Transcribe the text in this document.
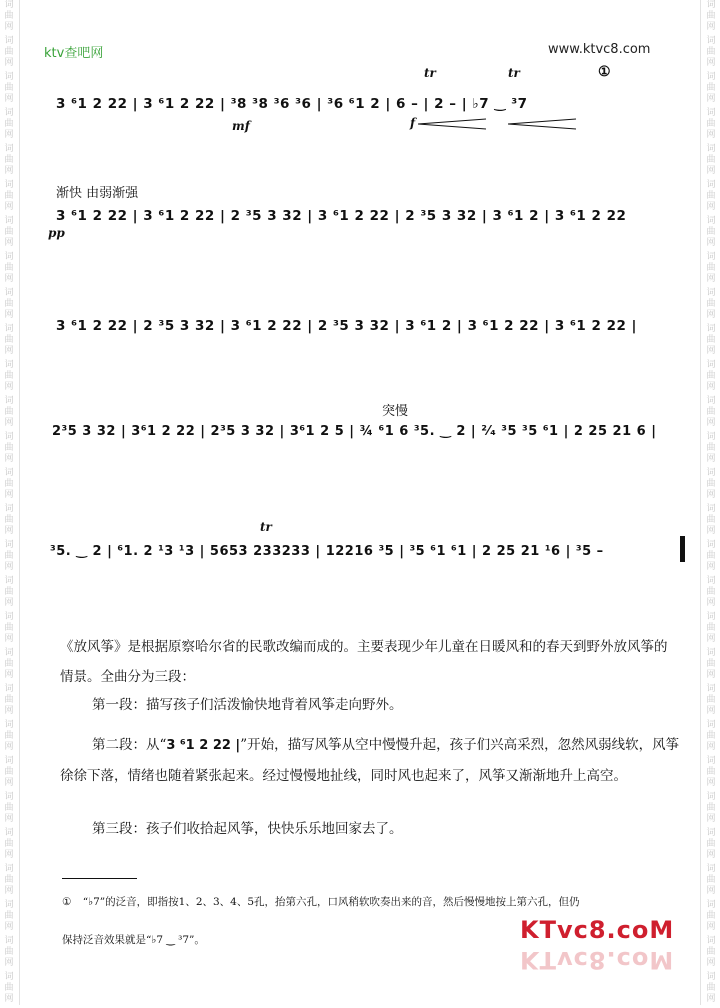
词
曲
网
词
曲
网
词
曲
网
词
曲
网
词
曲
网
词
曲
网
词
曲
网
词
曲
网
词
曲
网
词
曲
网
词
曲
网
词
曲
网
词
曲
网
词
曲
网
词
曲
网
词
曲
网
词
曲
网
词
曲
网
词
曲
网
词
曲
网
词
曲
网
词
曲
网
词
曲
网
词
曲
网
词
曲
网
词
曲
网
词
曲
网
词
曲
网
词
曲
网
词
曲
网
词
曲
网
词
曲
网
词
曲
网
词
曲
网
词
曲
网
词
曲
网
词
曲
网
词
曲
网
词
曲
网
词
曲
网
词
曲
网
词
曲
网
词
曲
网
词
曲
网
词
曲
网
词
曲
网
词
曲
网
词
曲
网
词
曲
网
词
曲
网
词
曲
网
词
曲
网
词
曲
网
词
曲
网
词
曲
网
词
曲
网
ktv查吧网	www.ktvc8.com
tr	tr	①
3 ⁶1 2 22 | 3 ⁶1 2 22 | ³8 ³8 ³6 ³6 | ³6 ⁶1 2 | 6 – | 2 – | ♭7 ‿ ³7
mf	f
渐快 由弱渐强
3 ⁶1 2 22 | 3 ⁶1 2 22 | 2 ³5 3 32 | 3 ⁶1 2 22 | 2 ³5 3 32 | 3 ⁶1 2 | 3 ⁶1 2 22
pp
3 ⁶1 2 22 | 2 ³5 3 32 | 3 ⁶1 2 22 | 2 ³5 3 32 | 3 ⁶1 2 | 3 ⁶1 2 22 | 3 ⁶1 2 22 |
突慢
2³5 3 32 | 3⁶1 2 22 | 2³5 3 32 | 3⁶1 2 5 | ¾ ⁶1 6 ³5. ‿ 2 | ²⁄₄ ³5 ³5 ⁶1 | 2 25 21 6 |
tr
³5. ‿ 2 | ⁶1. 2 ¹3 ¹3 | 5653 233233 | 12216 ³5 | ³5 ⁶1 ⁶1 | 2 25 21 ¹6 | ³5 –
《放风筝》是根据原察哈尔省的民歌改编而成的。主要表现少年儿童在日暖风和的春天到野外放风筝的情景。全曲分为三段：
第一段：描写孩子们活泼愉快地背着风筝走向野外。
第二段：从“3 ⁶1 2 22 |”开始，描写风筝从空中慢慢升起，孩子们兴高采烈，忽然风弱线软，风筝徐徐下落，情绪也随着紧张起来。经过慢慢地扯线，同时风也起来了，风筝又渐渐地升上高空。
第三段：孩子们收拾起风筝，快快乐乐地回家去了。
① “♭7”的泛音，即指按1、2、3、4、5孔，抬第六孔，口风稍软吹奏出来的音，然后慢慢地按上第六孔，但仍
保持泛音效果就是“♭7 ‿ ³7”。	KTvc8.coM
KTvc8.coM
